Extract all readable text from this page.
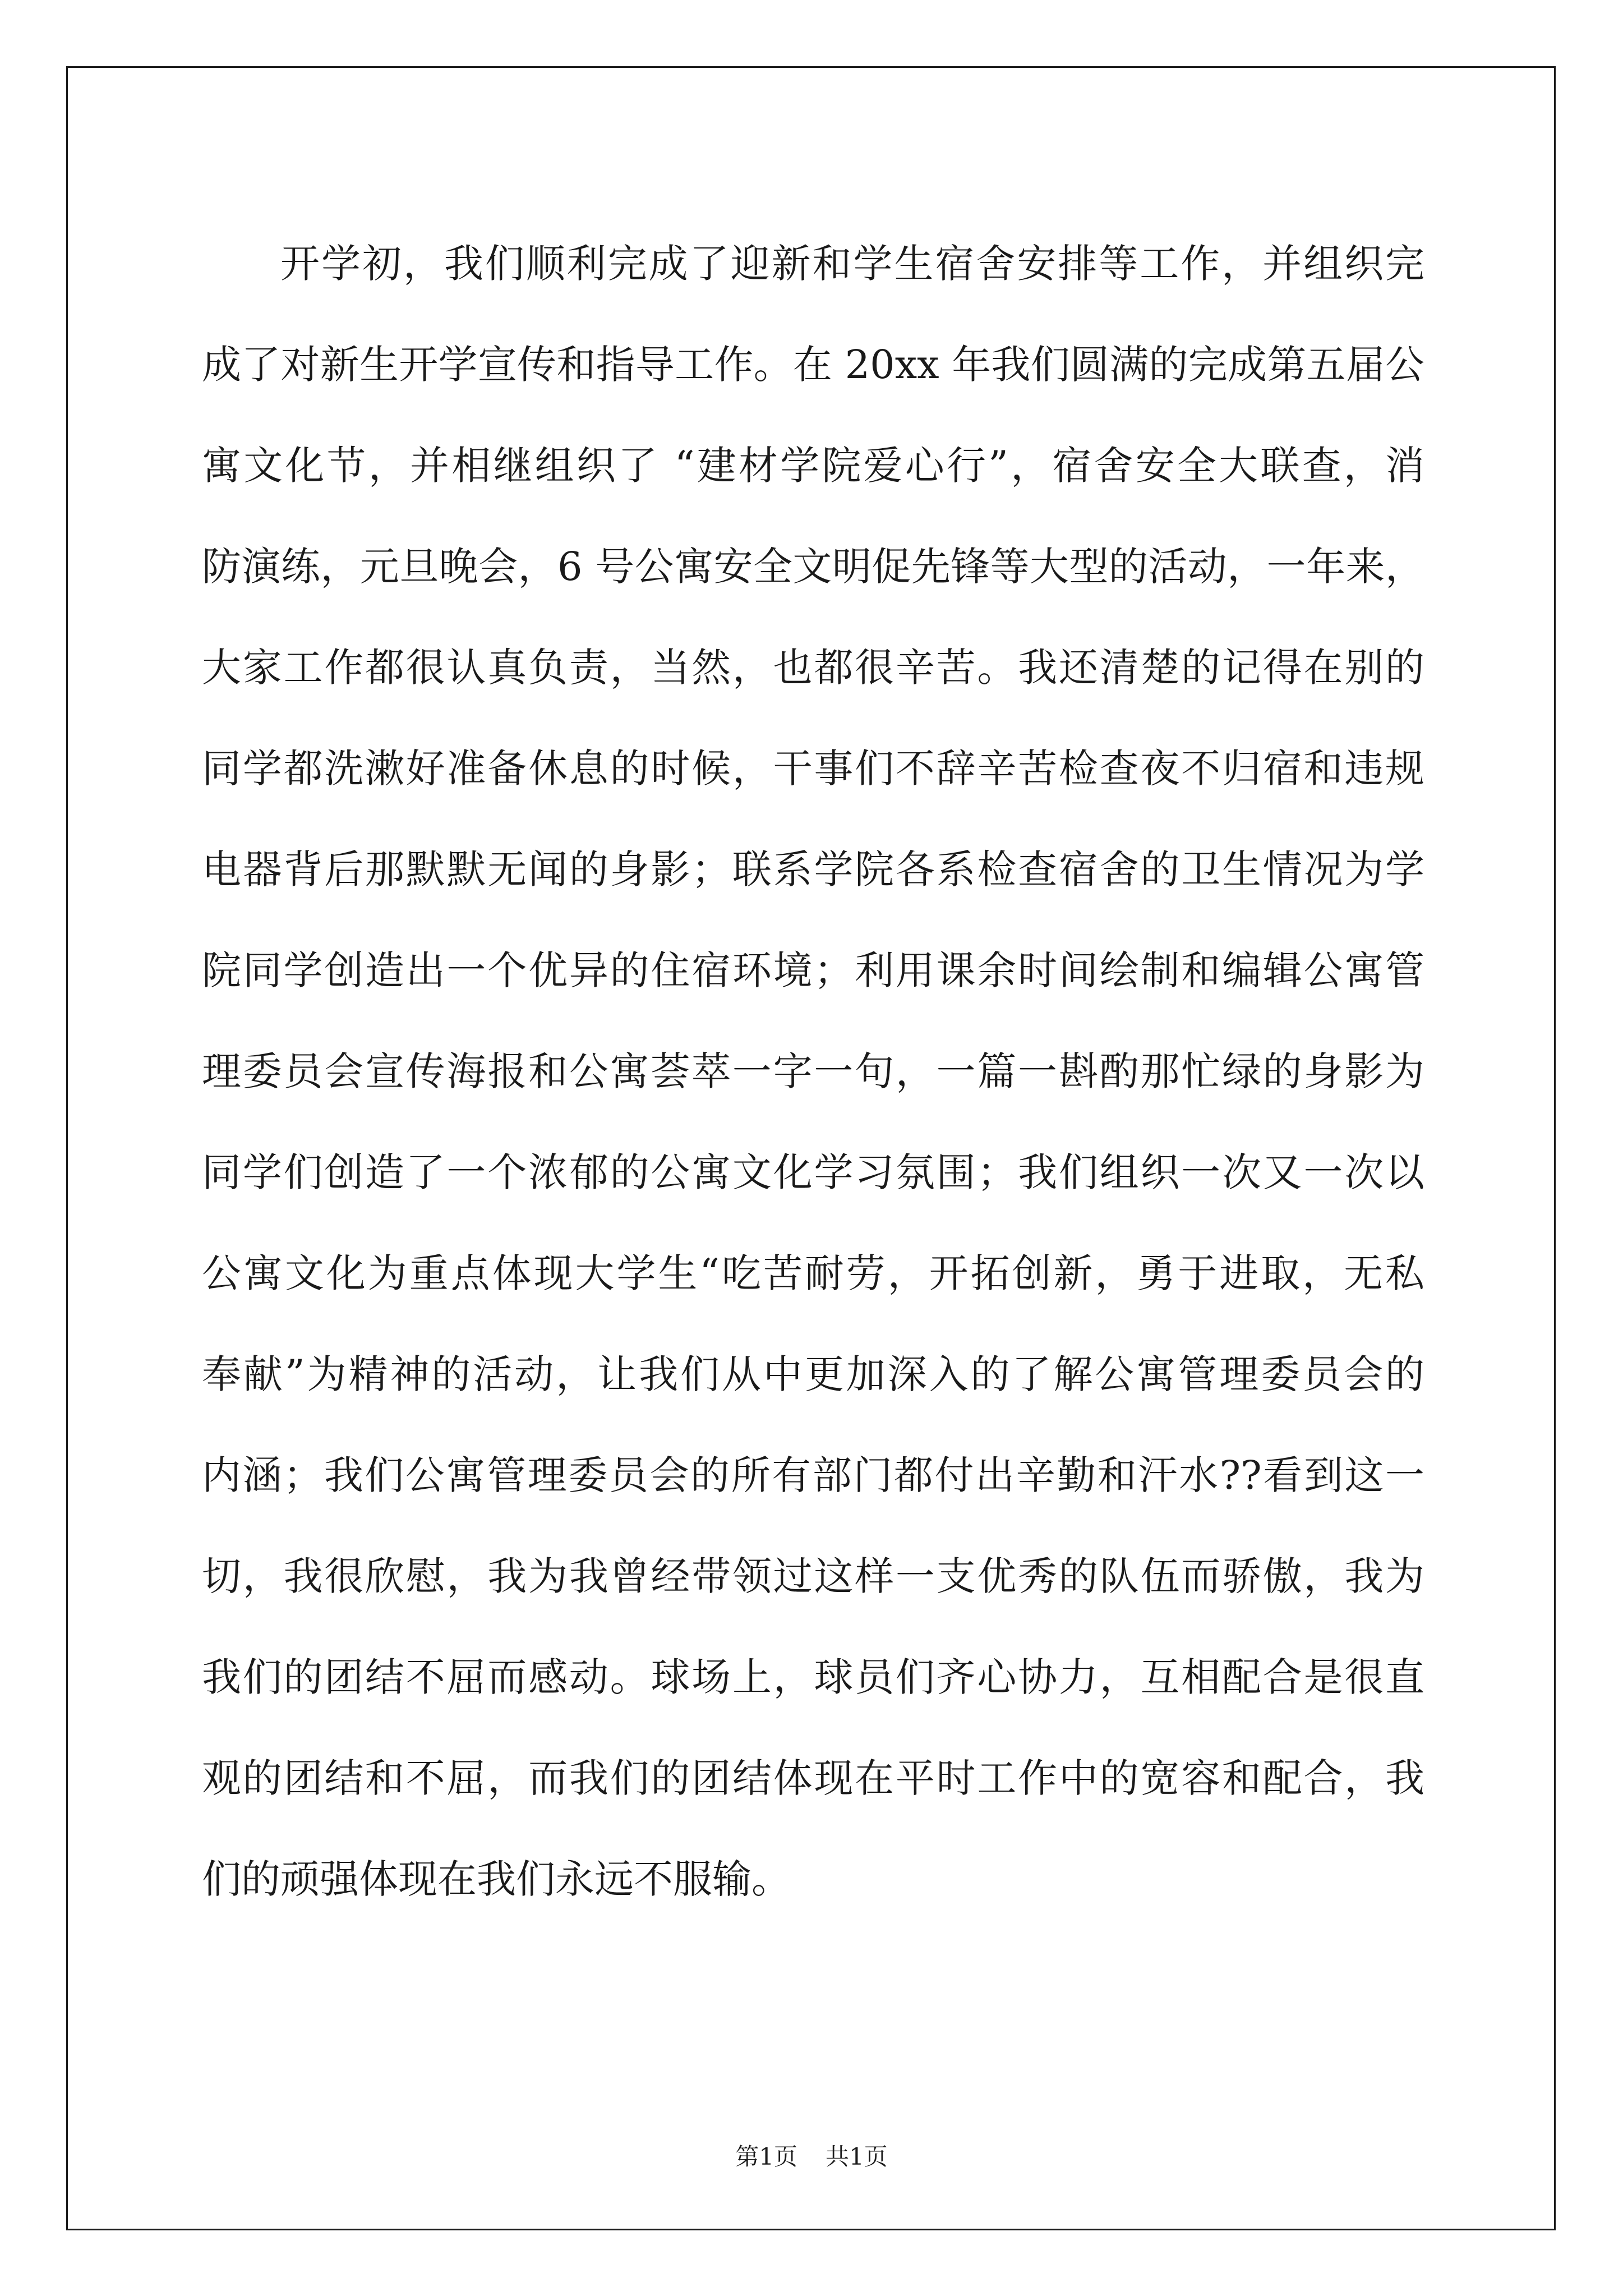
开学初，我们顺利完成了迎新和学生宿舍安排等工作，并组织完
成了对新生开学宣传和指导工作。在 20xx 年我们圆满的完成第五届公
寓文化节，并相继组织了 “建材学院爱心行”，宿舍安全大联查，消
防演练，元旦晚会，6 号公寓安全文明促先锋等大型的活动，一年来，
大家工作都很认真负责，当然，也都很辛苦。我还清楚的记得在别的
同学都洗漱好准备休息的时候，干事们不辞辛苦检查夜不归宿和违规
电器背后那默默无闻的身影；联系学院各系检查宿舍的卫生情况为学
院同学创造出一个优异的住宿环境；利用课余时间绘制和编辑公寓管
理委员会宣传海报和公寓荟萃一字一句，一篇一斟酌那忙绿的身影为
同学们创造了一个浓郁的公寓文化学习氛围；我们组织一次又一次以
公寓文化为重点体现大学生“吃苦耐劳，开拓创新，勇于进取，无私
奉献”为精神的活动，让我们从中更加深入的了解公寓管理委员会的
内涵；我们公寓管理委员会的所有部门都付出辛勤和汗水??看到这一
切，我很欣慰，我为我曾经带领过这样一支优秀的队伍而骄傲，我为
我们的团结不屈而感动。球场上，球员们齐心协力，互相配合是很直
观的团结和不屈，而我们的团结体现在平时工作中的宽容和配合，我
们的顽强体现在我们永远不服输。
第1页 共1页
